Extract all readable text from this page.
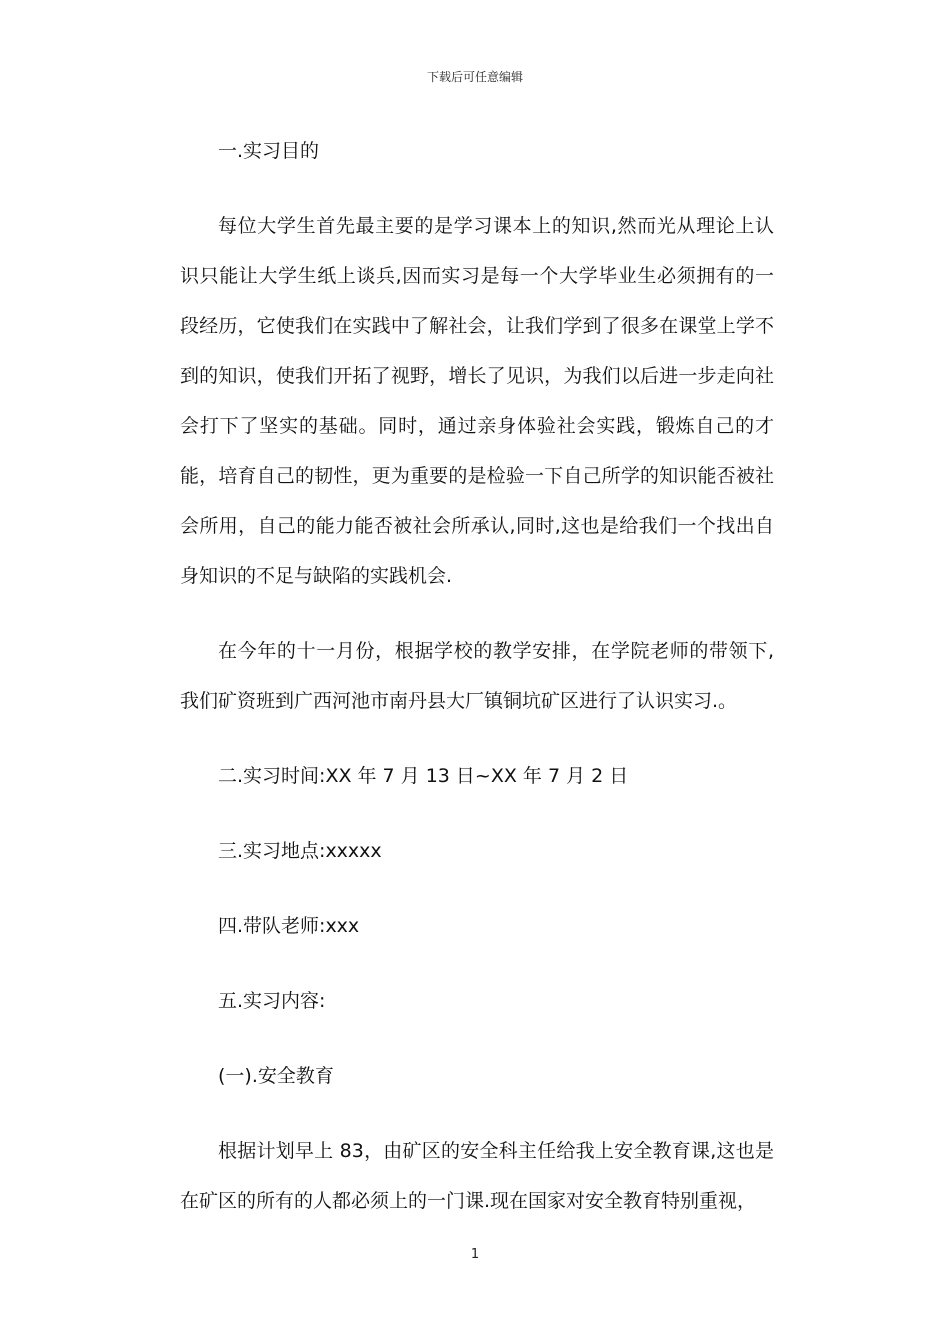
下载后可任意编辑

一.实习目的

每位大学生首先最主要的是学习课本上的知识,然而光从理论上认识只能让大学生纸上谈兵,因而实习是每一个大学毕业生必须拥有的一段经历，它使我们在实践中了解社会，让我们学到了很多在课堂上学不到的知识，使我们开拓了视野，增长了见识，为我们以后进一步走向社会打下了坚实的基础。同时，通过亲身体验社会实践，锻炼自己的才能，培育自己的韧性，更为重要的是检验一下自己所学的知识能否被社会所用，自己的能力能否被社会所承认,同时,这也是给我们一个找出自身知识的不足与缺陷的实践机会.

在今年的十一月份，根据学校的教学安排，在学院老师的带领下,我们矿资班到广西河池市南丹县大厂镇铜坑矿区进行了认识实习.。

二.实习时间:XX 年 7 月 13 日~XX 年 7 月 2 日

三.实习地点:xxxxx

四.带队老师:xxx

五.实习内容:

(一).安全教育

根据计划早上 83，由矿区的安全科主任给我上安全教育课,这也是在矿区的所有的人都必须上的一门课.现在国家对安全教育特别重视，

1
